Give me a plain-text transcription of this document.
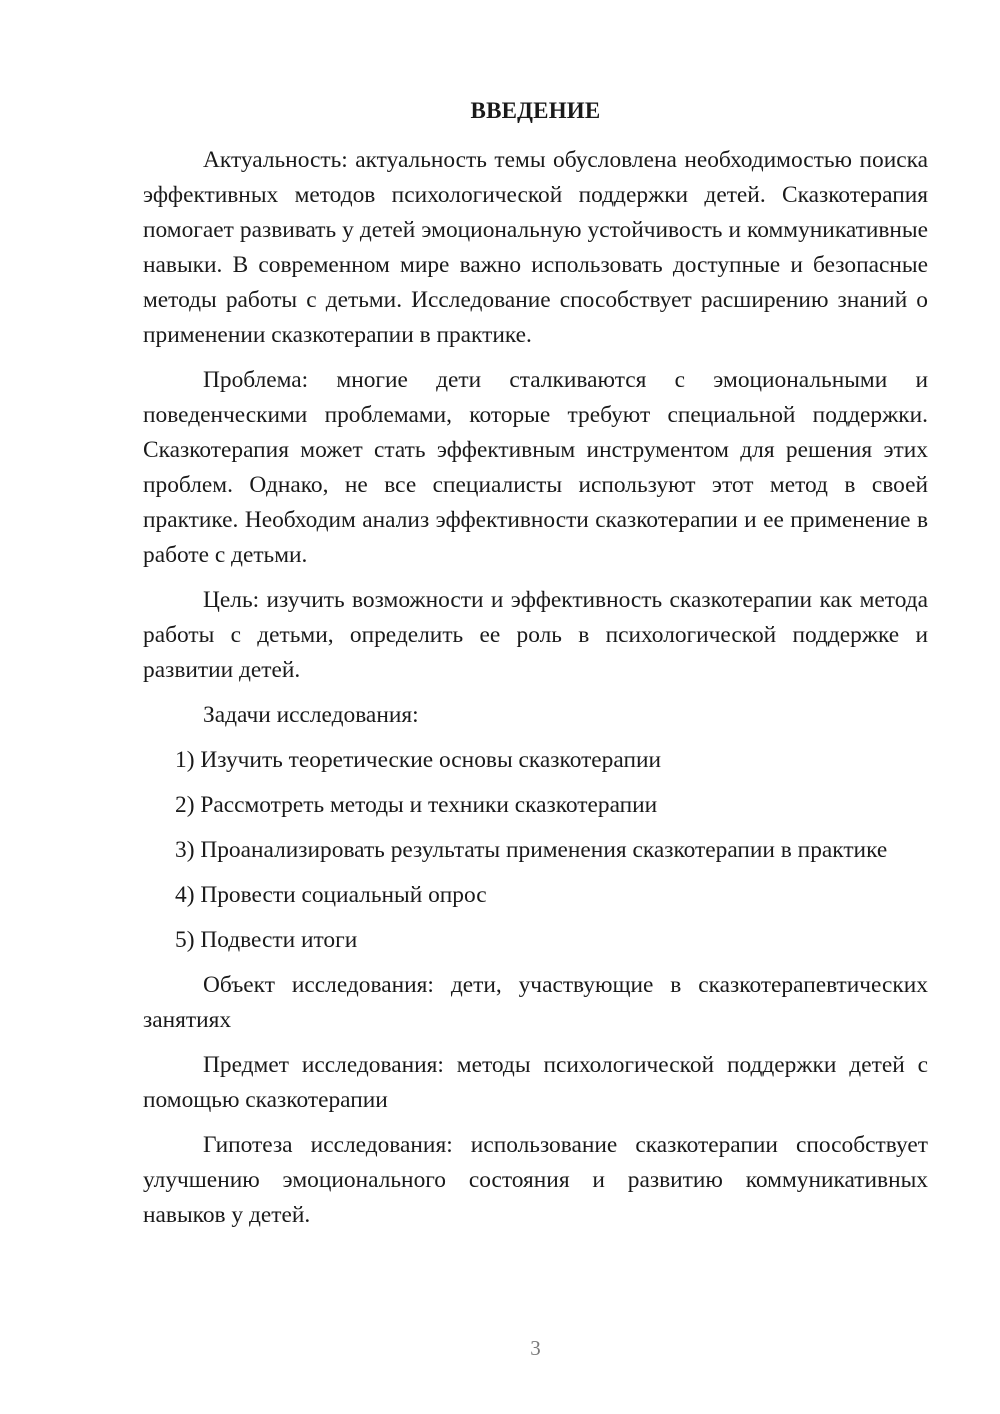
ВВЕДЕНИЕ

Актуальность: актуальность темы обусловлена необходимостью поиска эффективных методов психологической поддержки детей. Сказкотерапия помогает развивать у детей эмоциональную устойчивость и коммуникативные навыки. В современном мире важно использовать доступные и безопасные методы работы с детьми. Исследование способствует расширению знаний о применении сказкотерапии в практике.

Проблема: многие дети сталкиваются с эмоциональными и поведенческими проблемами, которые требуют специальной поддержки. Сказкотерапия может стать эффективным инструментом для решения этих проблем. Однако, не все специалисты используют этот метод в своей практике. Необходим анализ эффективности сказкотерапии и ее применение в работе с детьми.

Цель: изучить возможности и эффективность сказкотерапии как метода работы с детьми, определить ее роль в психологической поддержке и развитии детей.

Задачи исследования:

1) Изучить теоретические основы сказкотерапии

2) Рассмотреть методы и техники сказкотерапии

3) Проанализировать результаты применения сказкотерапии в практике

4) Провести социальный опрос

5) Подвести итоги

Объект исследования: дети, участвующие в сказкотерапевтических занятиях

Предмет исследования: методы психологической поддержки детей с помощью сказкотерапии

Гипотеза исследования: использование сказкотерапии способствует улучшению эмоционального состояния и развитию коммуникативных навыков у детей.

3
